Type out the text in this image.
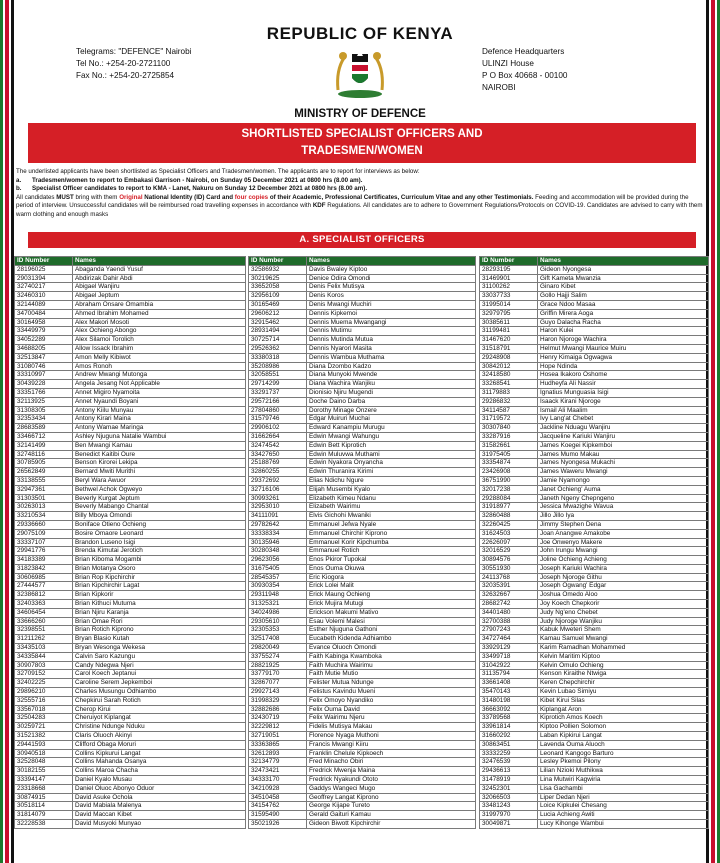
REPUBLIC OF KENYA
Telegrams: "DEFENCE" Nairobi
Tel No.: +254-20-2721100
Fax No.: +254-20-2725854
Defence Headquarters
ULINZI House
P O Box 40668 - 00100
NAIROBI
MINISTRY OF DEFENCE
SHORTLISTED SPECIALIST OFFICERS AND
TRADESMEN/WOMEN
The underlisted applicants have been shortlisted as Specialist Officers and Tradesmen/women. The applicants are to report for interviews as below:
a. Tradesmen/women to report to Embakasi Garrison - Nairobi, on Sunday 05 December 2021 at 0800 hrs (8.00 am).
b. Specialist Officer candidates to report to KMA - Lanet, Nakuru on Sunday 12 December 2021 at 0800 hrs (8.00 am).
All candidates MUST bring with them Original National Identity (ID) Card and four copies of their Academic, Professional Certificates, Curriculum Vitae and any other Testimonials. Feeding and accommodation will be provided during the period of interview. Unsuccessful candidates will be reimbursed road travelling expenses in accordance with KDF Regulations. All candidates are to adhere to Government Regulations/Protocols on COVID-19. Candidates are advised to carry with them warm clothing and enough masks
A. SPECIALIST OFFICERS
ID Number	Names
28196025	Abaganda Yaendi Yusuf
29031394	Abdirizak Dahir Abdi
32740217	Abigael Wanjiru
32460310	Abigael Jeptum
32144089	Abraham Onsare Omambia
34700484	Ahmed Ibrahim Mohamed
30164958	Alex Makori Mosoti
33449979	Alex Ochieng Abongo
34052289	Alex Silamoi Torolich
34688205	Allow Issack Ibrahim
32513847	Amon Melly Kibiwot
31080746	Amos Ronoh
33310997	Andrew Mwangi Mutonga
30439228	Angela Jesang Not Applicable
33351766	Annet Migiro Nyamoita
32113925	Annet Nyaundi Boyani
31308305	Antony Kiilu Munyau
32353434	Antony Kirari Maina
28683589	Antony Wamae Maringa
33466712	Ashley Njuguna Natalie Wambui
32141499	Ben Mwangi Kamau
32748116	Benedict Kaitibi Oure
30785905	Benson Kirorei Lekipa
26562849	Bernard Mwiti Murithi
33138555	Beryl Wara Awuor
32947361	Bethwel Achok Ogweyo
31303501	Beverly Kurgat Jeptum
30263013	Beverly Mabango Chantal
33210534	Billy Mboya Omondi
29336660	Boniface Otieno Ochieng
29075109	Bosire Omaore Leonard
33337107	Brandon Luseno Isigi
29941776	Brenda Kimutai Jerotich
34183389	Brian Kiboma Mogambi
31823842	Brian Motanya Osoro
30606985	Brian Rop Kipchirchir
27444577	Brian Kipchirchir Lagat
32386812	Brian Kipkorir
32403363	Brian Kithuci Mutuma
34606454	Brian Njiru Karanja
33666260	Brian Omae Rori
32398551	Brian Rotich Kiprono
31211262	Bryan Blasio Kutah
33435103	Bryan Wesonga Wekesa
34335844	Calvin Saro Kazungu
30907803	Candy Ndegwa Njeri
32709152	Carol Koech Jeptanui
32402225	Caroline Serem Jepkemboi
29896210	Charles Musungu Odhiambo
32555716	Chepkirui Sarah Rotich
33567018	Cherop Kirui
32504283	Cheruiyot Kiplangat
30259721	Christine Ndunge Nduku
31521382	Claris Oluoch Akinyi
29441593	Clifford Obaga Moruri
30940518	Collins Kipkurui Langat
32528048	Collins Mahanda Osanya
30182155	Collins Maroa Chacha
33394147	Daniel Kyalo Musau
23318668	Daniel Oluoc Abonyo Oduor
30874915	David Asuke Ochola
30518114	David Mabiala Malenya
31814079	David Maccan Kibet
32228538	David Musyoki Munyao
ID Number	Names
32586932	Davis Bwaley Kiptoo
30219625	Denice Odira Omondi
33652058	Denis Felix Mutisya
32956109	Denis Koros
30165469	Denis Mwangi Muchiri
29606212	Dennis Kipkemoi
32915462	Dennis Muema Mwangangi
28931494	Dennis Mutimu
30725714	Dennis Mutinda Mutua
29526362	Dennis Nyarori Masita
33380318	Dennis Wambua Muthama
35208986	Diana Dzombo Kadzo
32058551	Diana Munyoki Mwende
29714299	Diana Wachira Wanjiku
33291737	Dionisio Njiru Mugendi
29572166	Doche Daino Darba
27804860	Dorothy Minage Onzere
31579746	Edgar Muiruri Muchai
29906102	Edward Kanampiu Murugu
31662664	Edwin Mwangi Wahungu
32474542	Edwin Bett Kiprotich
33427650	Edwin Muluvwa Muthami
25188769	Edwin Nyakora Onyancha
32860255	Edwin Thuranira Kirimi
29372692	Elias Ndichu Ngure
32716106	Elijah Musembi Kyalo
30993261	Elizabeth Kimeu Ndanu
32953010	Elizabeth Wairimu
34111091	Elvis Gichohi Mwaniki
29782642	Emmanuel Jefwa Nyale
33338334	Emmanuel Chirchir Kiprono
30135946	Emmanuel Korir Kipchumba
30280348	Emmanuel Rotich
29623056	Enos Pkiror Tupokal
31675405	Enos Ouma Okuwa
28545357	Eric Kiogora
30930354	Erick Lolei Malit
29311948	Erick Maung Ochieng
31325321	Erick Mujira Mutugi
34024986	Erickson Makumi Mativo
29305610	Esau Volemi Malesi
32305353	Esther Njuguna Gathoni
32517408	Eucabeth Kidenda Adhiambo
29820049	Evance Oluoch Omondi
33755274	Faith Kabinga Kwamboka
28821925	Faith Muchira Wairimu
33779170	Faith Mutie Mutio
32867077	Felister Mutua Ndunge
29927143	Felistus Kavindu Mueni
31998329	Felix Omoyo Nyandiko
32882686	Felix Ouma David
32430719	Felix Wairimu Njeru
32229812	Fidelis Mutisya Makau
32719051	Florence Nyaga Muthoni
33363865	Francis Mwangi Kiiru
32612893	Franklin Chelule Kipkoech
32134779	Fred Minacho Obiri
32473421	Fredrick Mwenja Maina
34333170	Fredrick Nyakundi Ototo
34210928	Gaddys Wangeci Mugo
34510458	Geoffrey Langat Kiprono
34154762	George Kijape Tureto
31595490	Gerald Gaituri Kamau
35021926	Gideon Biwott Kipchirchir
ID Number	Names
28293195	Gideon Nyongesa
31469901	Gift Kameta Mwanzia
31100262	Ginaro Kibet
33037733	Gollo Hajji Salim
31995014	Grace Ndoo Masaa
32979795	Griffin Mirera Aoga
30385611	Guyo Dalacha Racha
31199481	Haron Kulei
31467620	Haron Njoroge Wachira
31518791	Helmut Mwangi Maurice Muiru
29248908	Henry Kimaiga Ogwagwa
30842012	Hope Ndinda
32418580	Hosea Ikakoro Oshome
33268541	Hudheyfa Ali Nassir
31179883	Ignatius Munguasia Isigi
29286832	Isaack Kirani Njoroge
34114587	Ismail Ali Maalim
31719572	Ivy Lang'at Chebet
30307840	Jackline Nduagu Wanjiru
33287916	Jacqueline Kariuki Wanjiru
31582661	James Koegei Kipkemboi
31975405	James Mumo Makau
33354874	James Nyongesa Mukachi
23426908	James Waweru Mwangi
36751990	Jamie Nyamongo
32017238	Janet Ochieng' Auma
29288084	Janeth Ngeny Chepngeno
31918977	Jessica Mwazighe Wavua
32860488	Jillo Jillo Iya
32260425	Jimmy Stephen Dena
31624503	Joan Anangwe Amakobe
22626097	Joe Onwenyo Makere
32016529	John Irungu Mwangi
30894576	Joline Ochieng Achieng
30551930	Joseph Kariuki Wachira
24113768	Joseph Njoroge Githu
32035391	Joseph Ogwang' Edgar
32632667	Joshua Omedo Aloo
28682742	Joy Koech Chepkorir
34401480	Judy Ng'eno Chebet
32700388	Judy Njoroge Wanjiku
27907243	Kabuk Mweteri Shem
34727464	Kamau Samuel Mwangi
33929129	Karim Ramadhan Mohammed
33499718	Kelvin Maritim Kiptoo
31042922	Kelvin Omulo Ochieng
31135794	Kenson Kiraithe Ntwiga
33661408	Keren Chepchirchir
35470143	Kevin Lubao Simiyu
31480198	Kibet Kirui Silas
36663092	Kiplangat Aron
33789568	Kiprotich Amos Koech
33961814	Kiptoo Pollien Solomon
31660292	Laban Kipkirui Langat
30863451	Lavenda Ouma Aluoch
33332259	Leonard Kangogo Barturo
32476539	Lesley Pkemoi Pilony
29436613	Lilian Nzioki Muthikwa
31478919	Lina Mutwiri Kagwiria
32452301	Lisa Gachambi
32066503	Liper Dedan Njeri
33481243	Loice Kipkulei Chesang
31997970	Lucia Achieng Awiti
30049871	Lucy Kihonge Wambui
